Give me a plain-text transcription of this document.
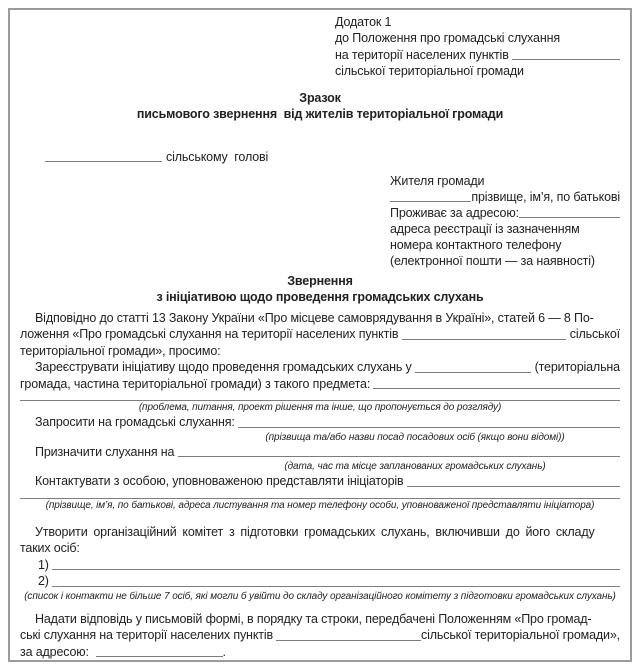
Додаток 1
до Положення про громадські слухання
на території населених пунктів
сільської територіальної громади
Зразок
письмового звернення  від жителів територіальної громади
сільському  голові
Жителя громади
прізвище, ім’я, по батькові
Проживає за адресою:
адреса реєстрації із зазначенням
номера контактного телефону
(електронної пошти — за наявності)
Звернення
з ініціативою щодо проведення громадських слухань
Відповідно до статті 13 Закону України «Про місцеве самоврядування в Україні», статей 6 — 8 По-
ложення «Про громадські слухання на території населених пунктів	сільської
територіальної громади», просимо:
Зареєструвати ініціативу щодо проведення громадських слухань у	(територіальна
громада, частина територіальної громади) з такого предмета:
(проблема, питання, проект рішення та інше, що пропонується до розгляду)
Запросити на громадські слухання:
(прізвища та/або назви посад посадових осіб (якщо вони відомі))
Призначити слухання на
(дата, час та місце запланованих громадських слухань)
Контактувати з особою, уповноваженою представляти ініціаторів
(прізвище, ім’я, по батькові, адреса листування та номер телефону особи, уповноваженої представляти ініціатора)
Утворити організаційний комітет з підготовки громадських слухань, включивши до його складу
таких осіб:
1)
2)
(список і контакти не більше 7 осіб, які могли б увійти до складу організаційного комітету з підготовки громадських слухань)
Надати відповідь у письмовій формі, в порядку та строки, передбачені Положенням «Про громад-
ські слухання на території населених пунктів	сільської територіальної громади»,
за адресою:	.
